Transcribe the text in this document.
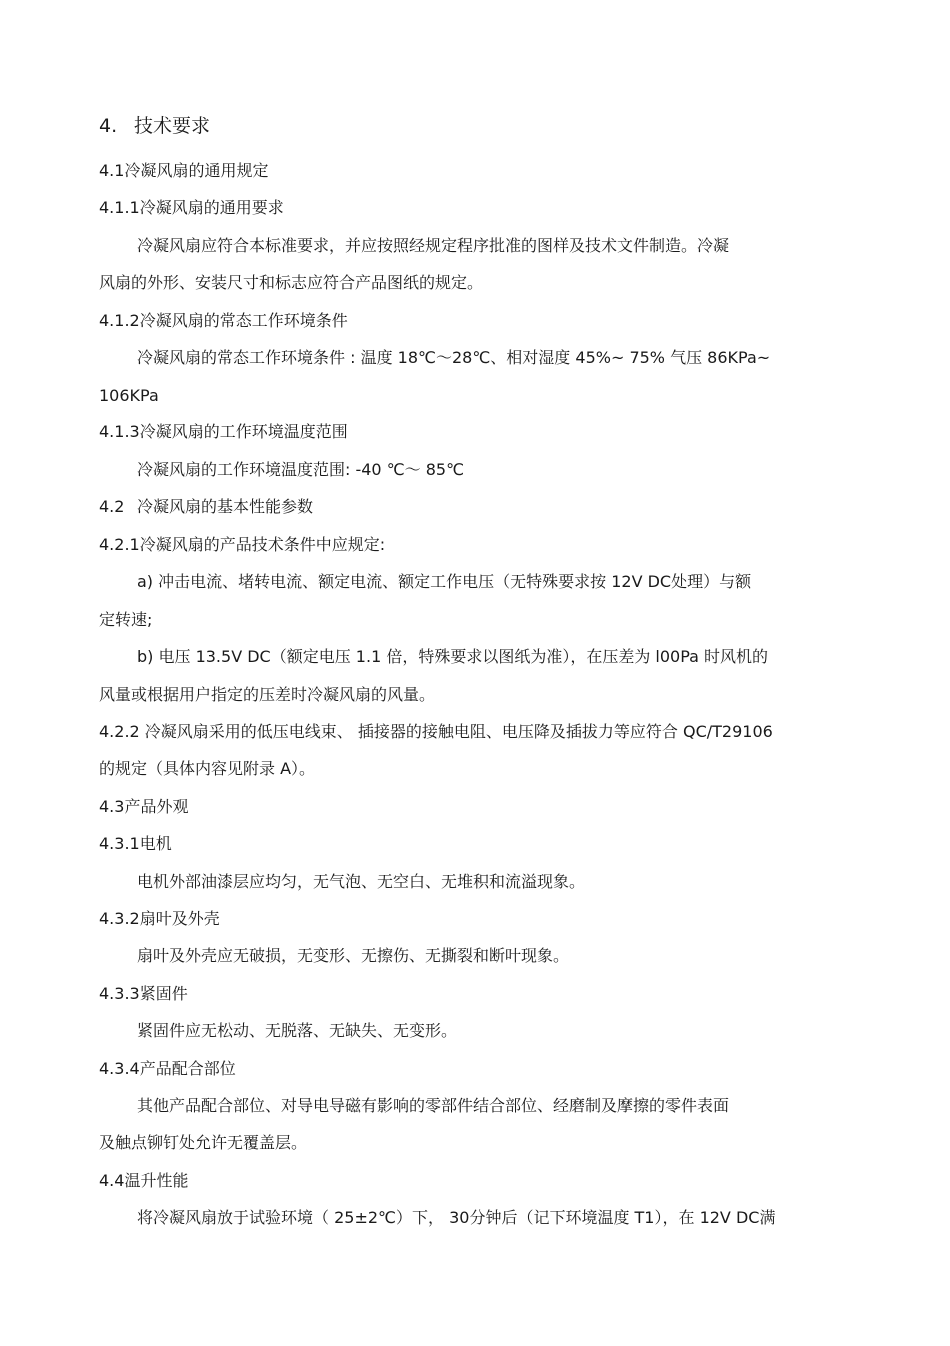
4. 技术要求
4.1冷凝风扇的通用规定
4.1.1冷凝风扇的通用要求
冷凝风扇应符合本标准要求，并应按照经规定程序批准的图样及技术文件制造。冷凝
风扇的外形、安装尺寸和标志应符合产品图纸的规定。
4.1.2冷凝风扇的常态工作环境条件
冷凝风扇的常态工作环境条件 : 温度 18℃～28℃、相对湿度 45%~ 75% 气压 86KPa~
106KPa
4.1.3冷凝风扇的工作环境温度范围
冷凝风扇的工作环境温度范围: -40 ℃～ 85℃
4.2 冷凝风扇的基本性能参数
4.2.1冷凝风扇的产品技术条件中应规定:
a) 冲击电流、堵转电流、额定电流、额定工作电压（无特殊要求按 12V DC处理）与额
定转速;
b) 电压 13.5V DC（额定电压 1.1 倍，特殊要求以图纸为准），在压差为 l00Pa 时风机的
风量或根据用户指定的压差时冷凝风扇的风量。
4.2.2 冷凝风扇采用的低压电线束、 插接器的接触电阻、电压降及插拔力等应符合 QC/T29106
的规定（具体内容见附录 A）。
4.3产品外观
4.3.1电机
电机外部油漆层应均匀，无气泡、无空白、无堆积和流溢现象。
4.3.2扇叶及外壳
扇叶及外壳应无破损，无变形、无擦伤、无撕裂和断叶现象。
4.3.3紧固件
紧固件应无松动、无脱落、无缺失、无变形。
4.3.4产品配合部位
其他产品配合部位、对导电导磁有影响的零部件结合部位、经磨制及摩擦的零件表面
及触点铆钉处允许无覆盖层。
4.4温升性能
将冷凝风扇放于试验环境（ 25±2℃）下， 30分钟后（记下环境温度 T1），在 12V DC满
